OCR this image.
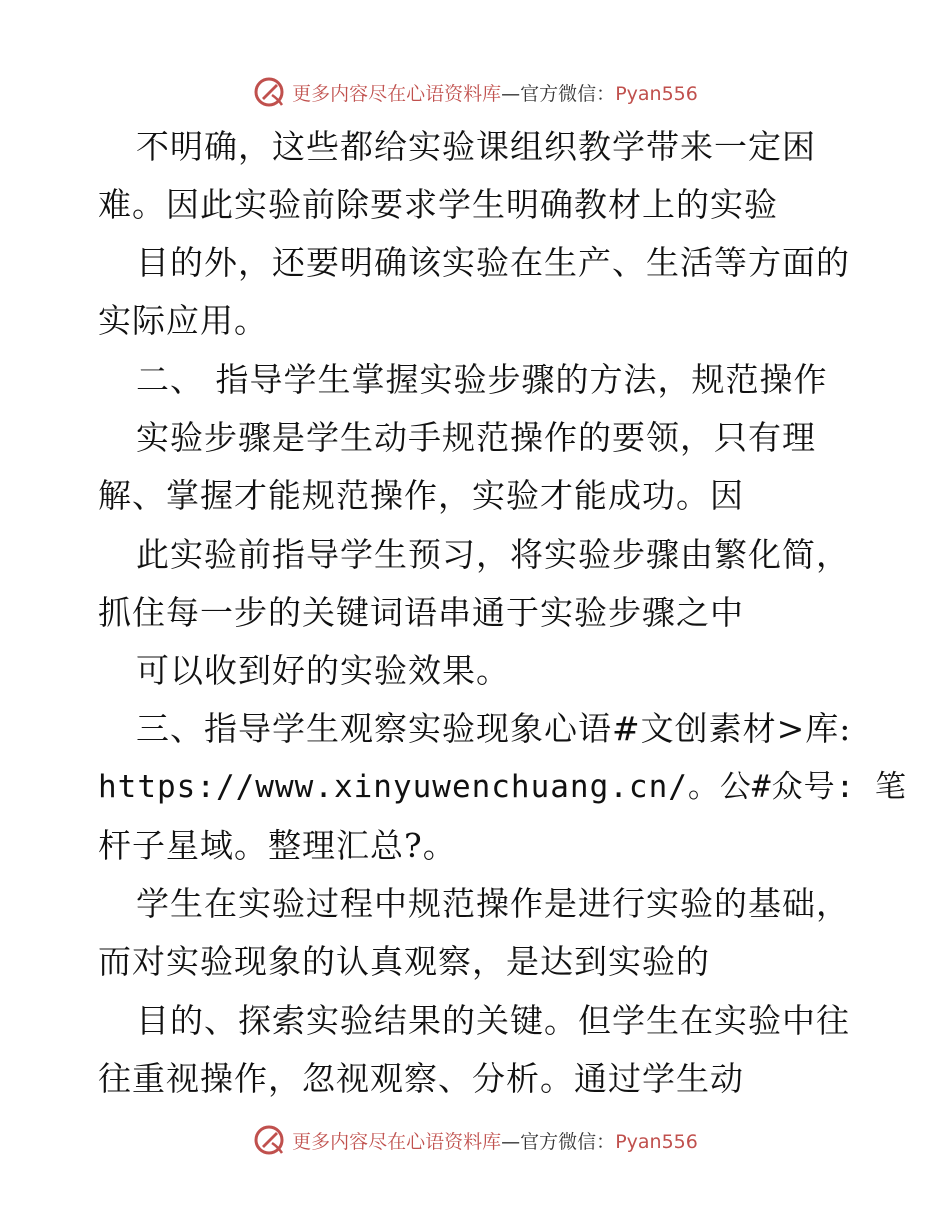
更多内容尽在心语资料库—官方微信：Pyan556
不明确，这些都给实验课组织教学带来一定困
难。因此实验前除要求学生明确教材上的实验
目的外，还要明确该实验在生产、生活等方面的
实际应用。
二、 指导学生掌握实验步骤的方法，规范操作
实验步骤是学生动手规范操作的要领，只有理
解、掌握才能规范操作，实验才能成功。因
此实验前指导学生预习，将实验步骤由繁化简，
抓住每一步的关键词语串通于实验步骤之中
可以收到好的实验效果。
三、指导学生观察实验现象心语#文创素材>库:
https://www.xinyuwenchuang.cn/。公#众号: 笔
杆子星域。整理汇总?。
学生在实验过程中规范操作是进行实验的基础，
而对实验现象的认真观察，是达到实验的
目的、探索实验结果的关键。但学生在实验中往
往重视操作，忽视观察、分析。通过学生动
更多内容尽在心语资料库—官方微信：Pyan556
